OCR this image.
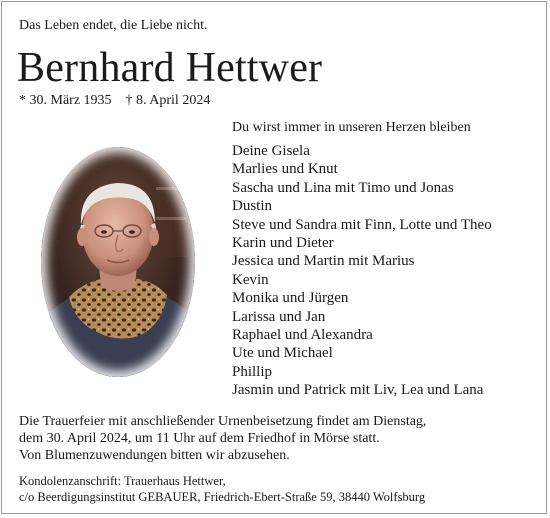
Das Leben endet, die Liebe nicht.
Bernhard Hettwer
* 30. März 1935 † 8. April 2024
Du wirst immer in unseren Herzen bleiben
Deine Gisela
Marlies und Knut
Sascha und Lina mit Timo und Jonas
Dustin
Steve und Sandra mit Finn, Lotte und Theo
Karin und Dieter
Jessica und Martin mit Marius
Kevin
Monika und Jürgen
Larissa und Jan
Raphael und Alexandra
Ute und Michael
Phillip
Jasmin und Patrick mit Liv, Lea und Lana
Die Trauerfeier mit anschließender Urnenbeisetzung findet am Dienstag,
dem 30. April 2024, um 11 Uhr auf dem Friedhof in Mörse statt.
Von Blumenzuwendungen bitten wir abzusehen.
Kondolenzanschrift: Trauerhaus Hettwer,
c/o Beerdigungsinstitut GEBAUER, Friedrich-Ebert-Straße 59, 38440 Wolfsburg
